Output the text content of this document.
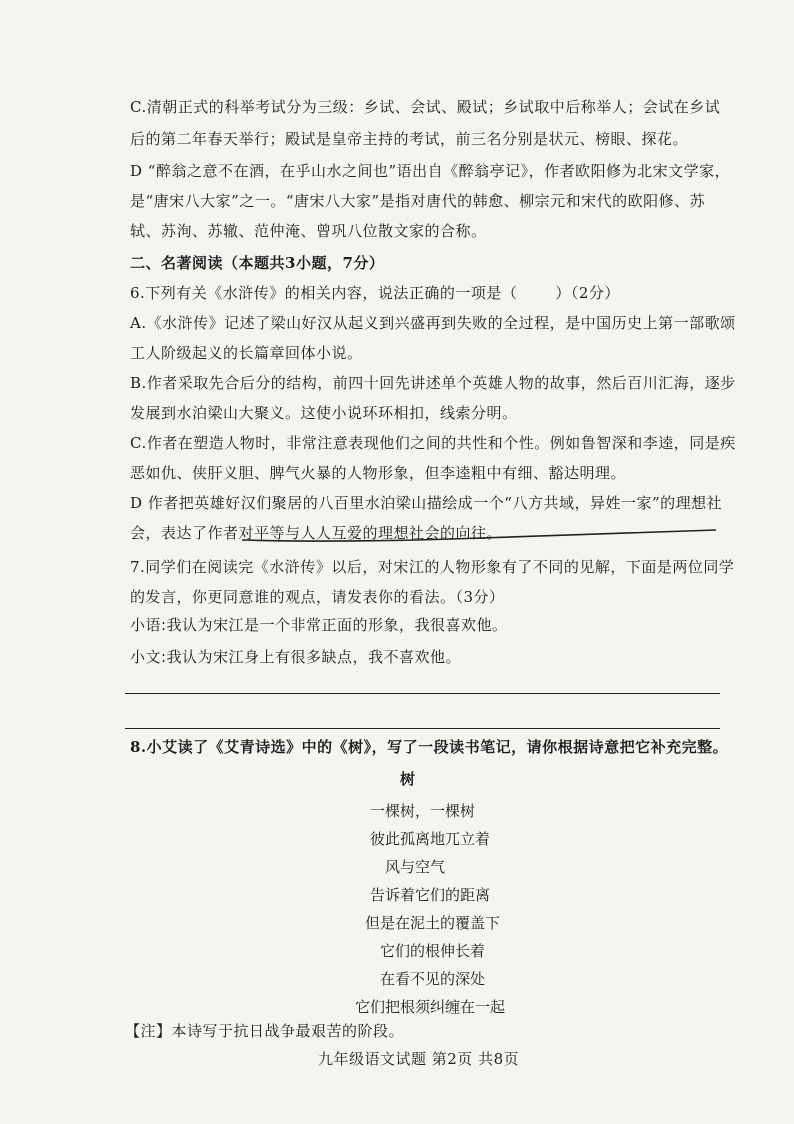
C.清朝正式的科举考试分为三级：乡试、会试、殿试；乡试取中后称举人；会试在乡试
后的第二年春天举行；殿试是皇帝主持的考试，前三名分别是状元、榜眼、探花。
D “醉翁之意不在酒，在乎山水之间也”语出自《醉翁亭记》，作者欧阳修为北宋文学家，
是“唐宋八大家”之一。“唐宋八大家”是指对唐代的韩愈、柳宗元和宋代的欧阳修、苏
轼、苏洵、苏辙、范仲淹、曾巩八位散文家的合称。
二、名著阅读（本题共3小题，7分）
6.下列有关《水浒传》的相关内容，说法正确的一项是（	）（2分）
A.《水浒传》记述了梁山好汉从起义到兴盛再到失败的全过程，是中国历史上第一部歌颂
工人阶级起义的长篇章回体小说。
B.作者采取先合后分的结构，前四十回先讲述单个英雄人物的故事，然后百川汇海，逐步
发展到水泊梁山大聚义。这使小说环环相扣，线索分明。
C.作者在塑造人物时，非常注意表现他们之间的共性和个性。例如鲁智深和李逵，同是疾
恶如仇、侠肝义胆、脾气火暴的人物形象，但李逵粗中有细、豁达明理。
D 作者把英雄好汉们聚居的八百里水泊梁山描绘成一个“八方共域，异姓一家”的理想社
会，表达了作者对平等与人人互爱的理想社会的向往。
7.同学们在阅读完《水浒传》以后，对宋江的人物形象有了不同的见解，下面是两位同学
的发言，你更同意谁的观点，请发表你的看法。（3分）
小语:我认为宋江是一个非常正面的形象，我很喜欢他。
小文:我认为宋江身上有很多缺点，我不喜欢他。
8.小艾读了《艾青诗选》中的《树》，写了一段读书笔记，请你根据诗意把它补充完整。
树
一棵树，一棵树
彼此孤离地兀立着
风与空气
告诉着它们的距离
但是在泥土的覆盖下
它们的根伸长着
在看不见的深处
它们把根须纠缠在一起
【注】本诗写于抗日战争最艰苦的阶段。
九年级语文试题 第2页 共8页
